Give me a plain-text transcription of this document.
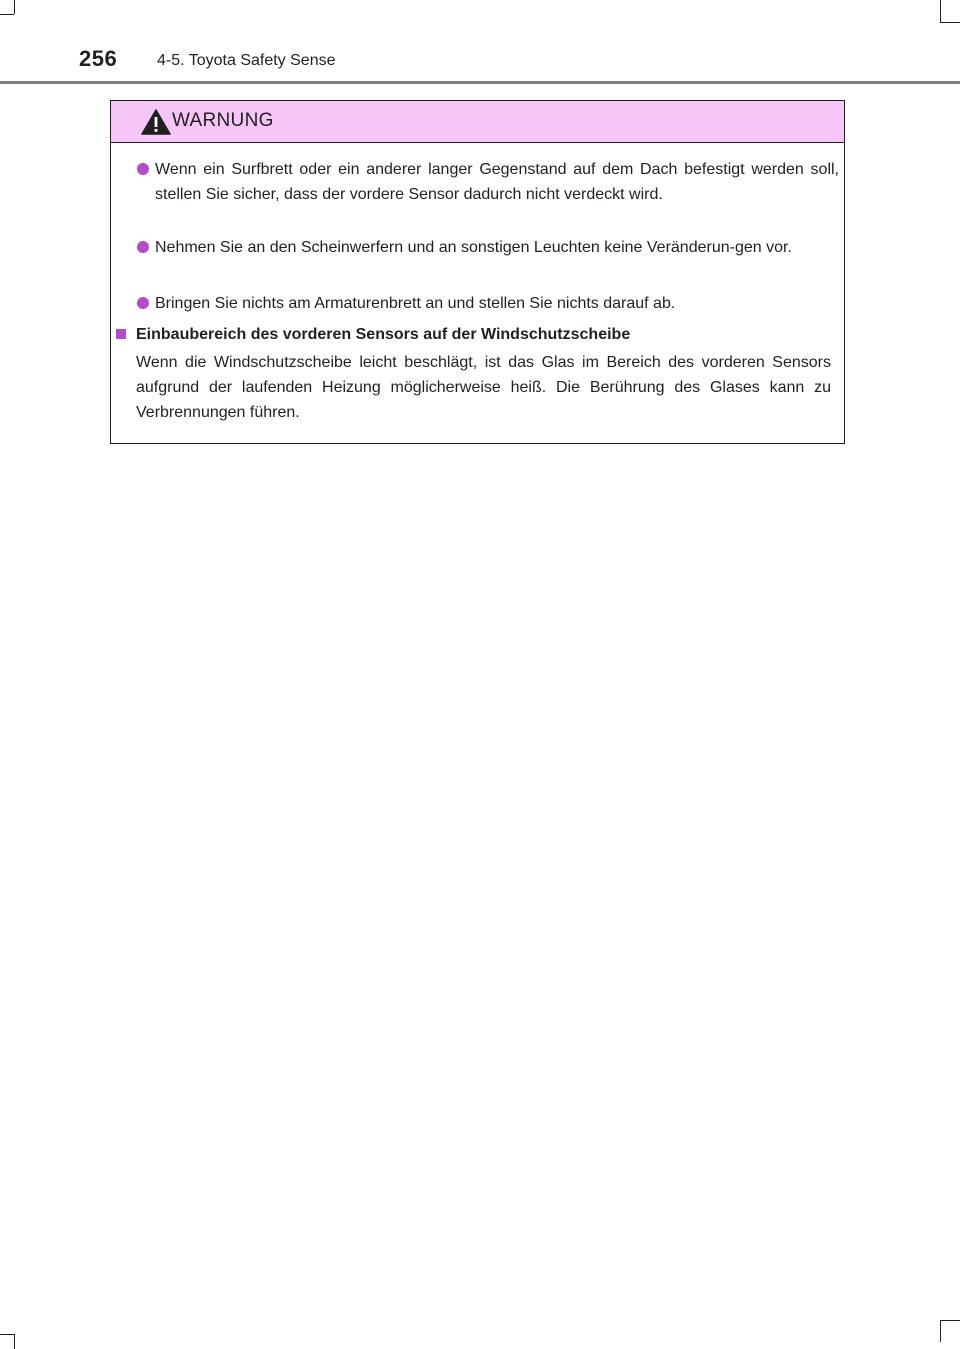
256 4-5. Toyota Safety Sense
WARNUNG
Wenn ein Surfbrett oder ein anderer langer Gegenstand auf dem Dach befestigt werden soll, stellen Sie sicher, dass der vordere Sensor dadurch nicht verdeckt wird.
Nehmen Sie an den Scheinwerfern und an sonstigen Leuchten keine Veränderun-gen vor.
Bringen Sie nichts am Armaturenbrett an und stellen Sie nichts darauf ab.
Einbaubereich des vorderen Sensors auf der Windschutzscheibe
Wenn die Windschutzscheibe leicht beschlägt, ist das Glas im Bereich des vorderen Sensors aufgrund der laufenden Heizung möglicherweise heiß. Die Berührung des Glases kann zu Verbrennungen führen.
